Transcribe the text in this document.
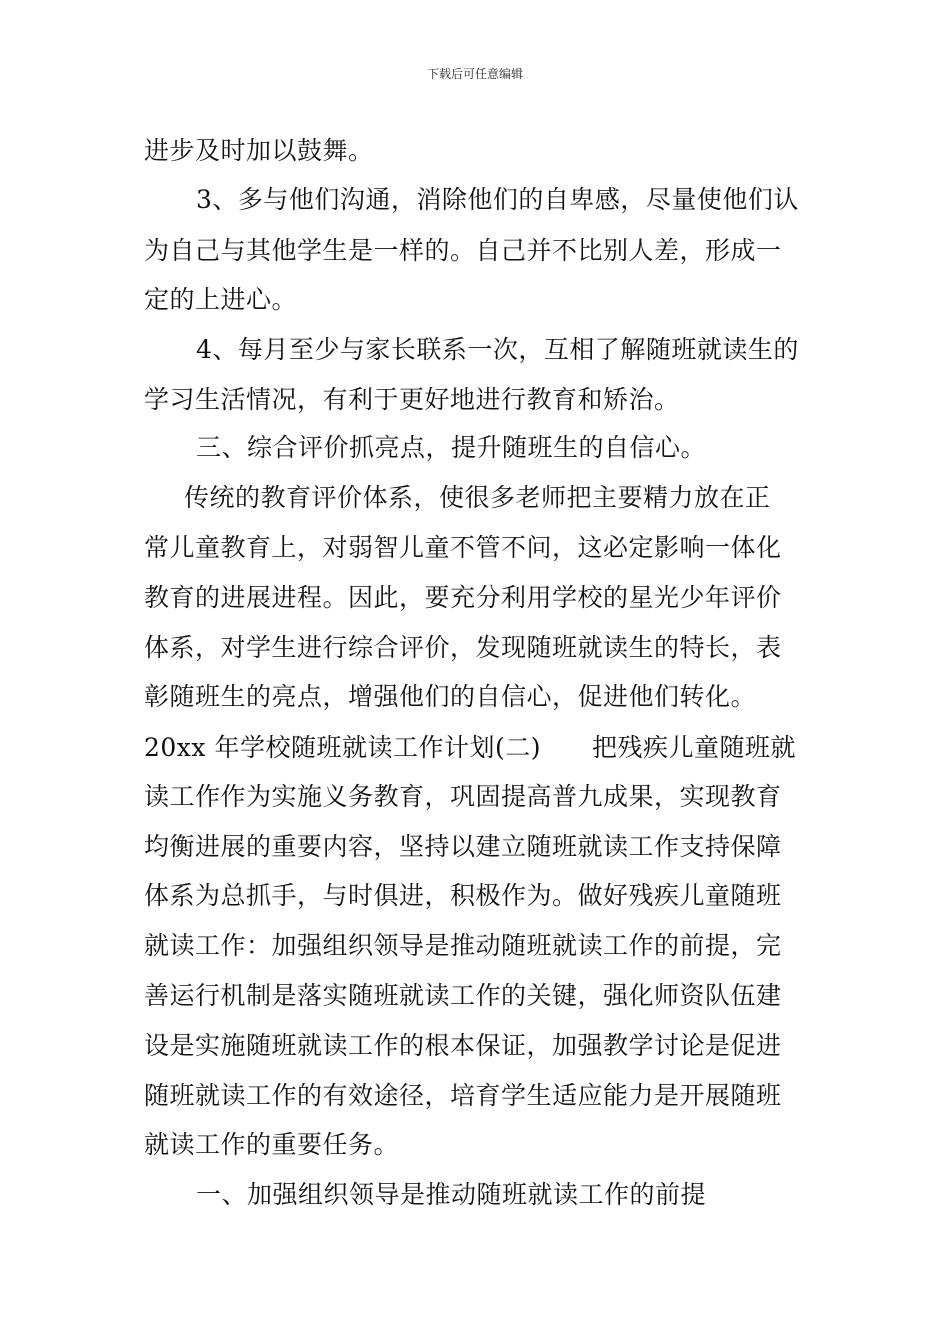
下载后可任意编辑
进步及时加以鼓舞。
3、多与他们沟通，消除他们的自卑感，尽量使他们认
为自己与其他学生是一样的。自己并不比别人差，形成一
定的上进心。
4、每月至少与家长联系一次，互相了解随班就读生的
学习生活情况，有利于更好地进行教育和矫治。
三、综合评价抓亮点，提升随班生的自信心。
传统的教育评价体系，使很多老师把主要精力放在正
常儿童教育上，对弱智儿童不管不问，这必定影响一体化
教育的进展进程。因此，要充分利用学校的星光少年评价
体系，对学生进行综合评价，发现随班就读生的特长，表
彰随班生的亮点，增强他们的自信心，促进他们转化。
20xx 年学校随班就读工作计划(二)　　把残疾儿童随班就
读工作作为实施义务教育，巩固提高普九成果，实现教育
均衡进展的重要内容，坚持以建立随班就读工作支持保障
体系为总抓手，与时俱进，积极作为。做好残疾儿童随班
就读工作：加强组织领导是推动随班就读工作的前提，完
善运行机制是落实随班就读工作的关键，强化师资队伍建
设是实施随班就读工作的根本保证，加强教学讨论是促进
随班就读工作的有效途径，培育学生适应能力是开展随班
就读工作的重要任务。
一、加强组织领导是推动随班就读工作的前提
